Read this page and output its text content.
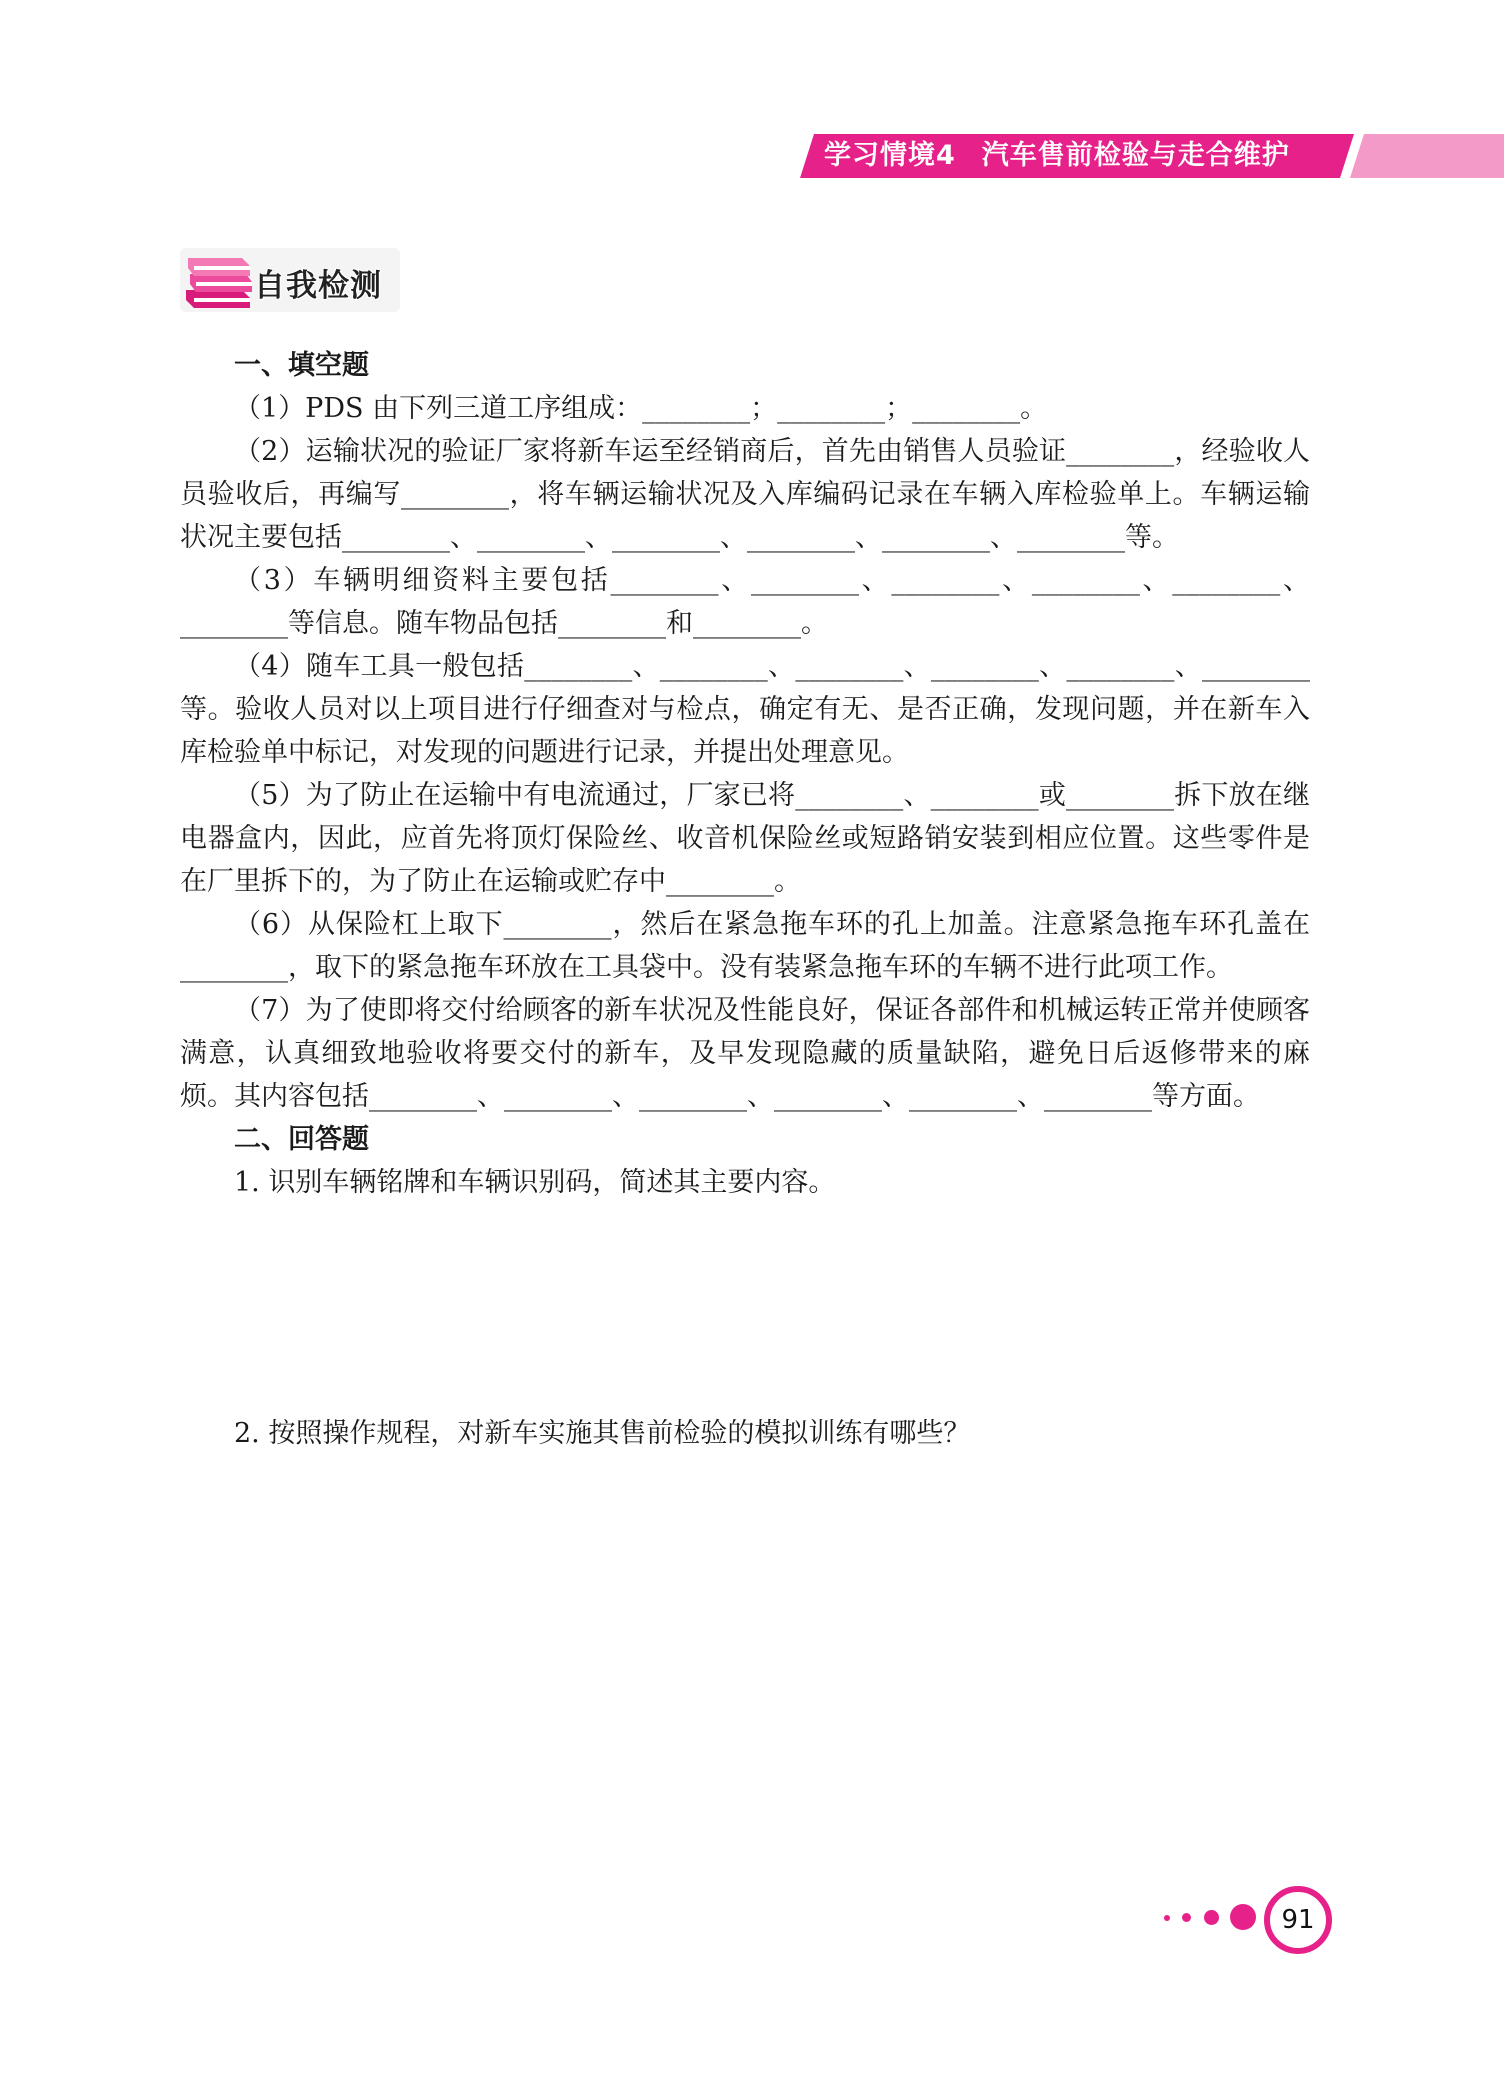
学习情境4 汽车售前检验与走合维护
自我检测

一、填空题

（1）PDS 由下列三道工序组成：________；________；________。

（2）运输状况的验证厂家将新车运至经销商后，首先由销售人员验证________，经验收人员验收后，再编写________，将车辆运输状况及入库编码记录在车辆入库检验单上。车辆运输状况主要包括________、________、________、________、________、________等。

（3）车辆明细资料主要包括________、________、________、________、________、________等信息。随车物品包括________和________。

（4）随车工具一般包括________、________、________、________、________、________等。验收人员对以上项目进行仔细查对与检点，确定有无、是否正确，发现问题，并在新车入库检验单中标记，对发现的问题进行记录，并提出处理意见。

（5）为了防止在运输中有电流通过，厂家已将________、________或________拆下放在继电器盒内，因此，应首先将顶灯保险丝、收音机保险丝或短路销安装到相应位置。这些零件是在厂里拆下的，为了防止在运输或贮存中________。

（6）从保险杠上取下________，然后在紧急拖车环的孔上加盖。注意紧急拖车环孔盖在________，取下的紧急拖车环放在工具袋中。没有装紧急拖车环的车辆不进行此项工作。

（7）为了使即将交付给顾客的新车状况及性能良好，保证各部件和机械运转正常并使顾客满意，认真细致地验收将要交付的新车，及早发现隐藏的质量缺陷，避免日后返修带来的麻烦。其内容包括________、________、________、________、________、________等方面。

二、回答题

1. 识别车辆铭牌和车辆识别码，简述其主要内容。

2. 按照操作规程，对新车实施其售前检验的模拟训练有哪些？

91
